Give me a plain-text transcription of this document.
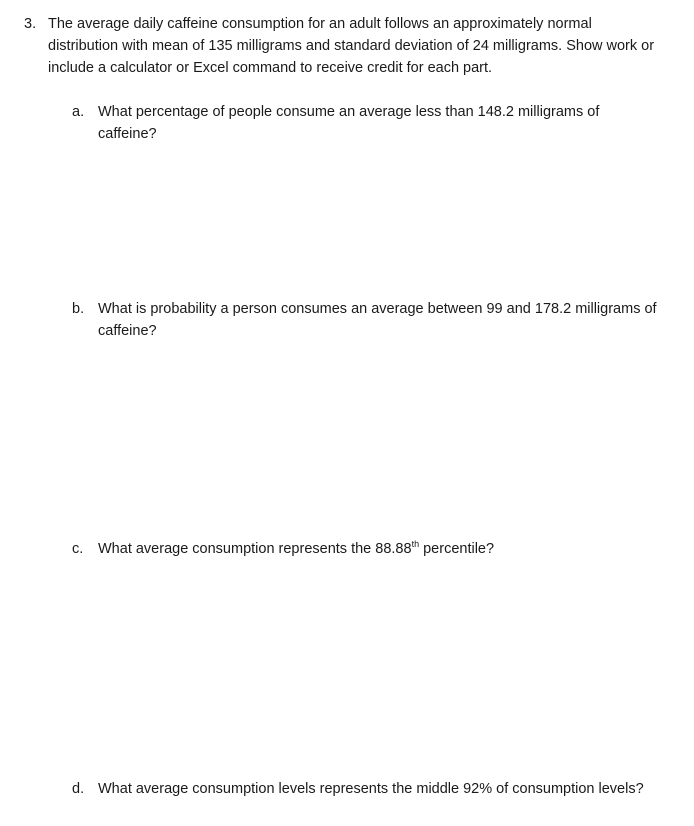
3. The average daily caffeine consumption for an adult follows an approximately normal distribution with mean of 135 milligrams and standard deviation of 24 milligrams. Show work or include a calculator or Excel command to receive credit for each part.
a. What percentage of people consume an average less than 148.2 milligrams of caffeine?
b. What is probability a person consumes an average between 99 and 178.2 milligrams of caffeine?
c.	What average consumption represents the 88.88th percentile?
d. What average consumption levels represents the middle 92% of consumption levels?
